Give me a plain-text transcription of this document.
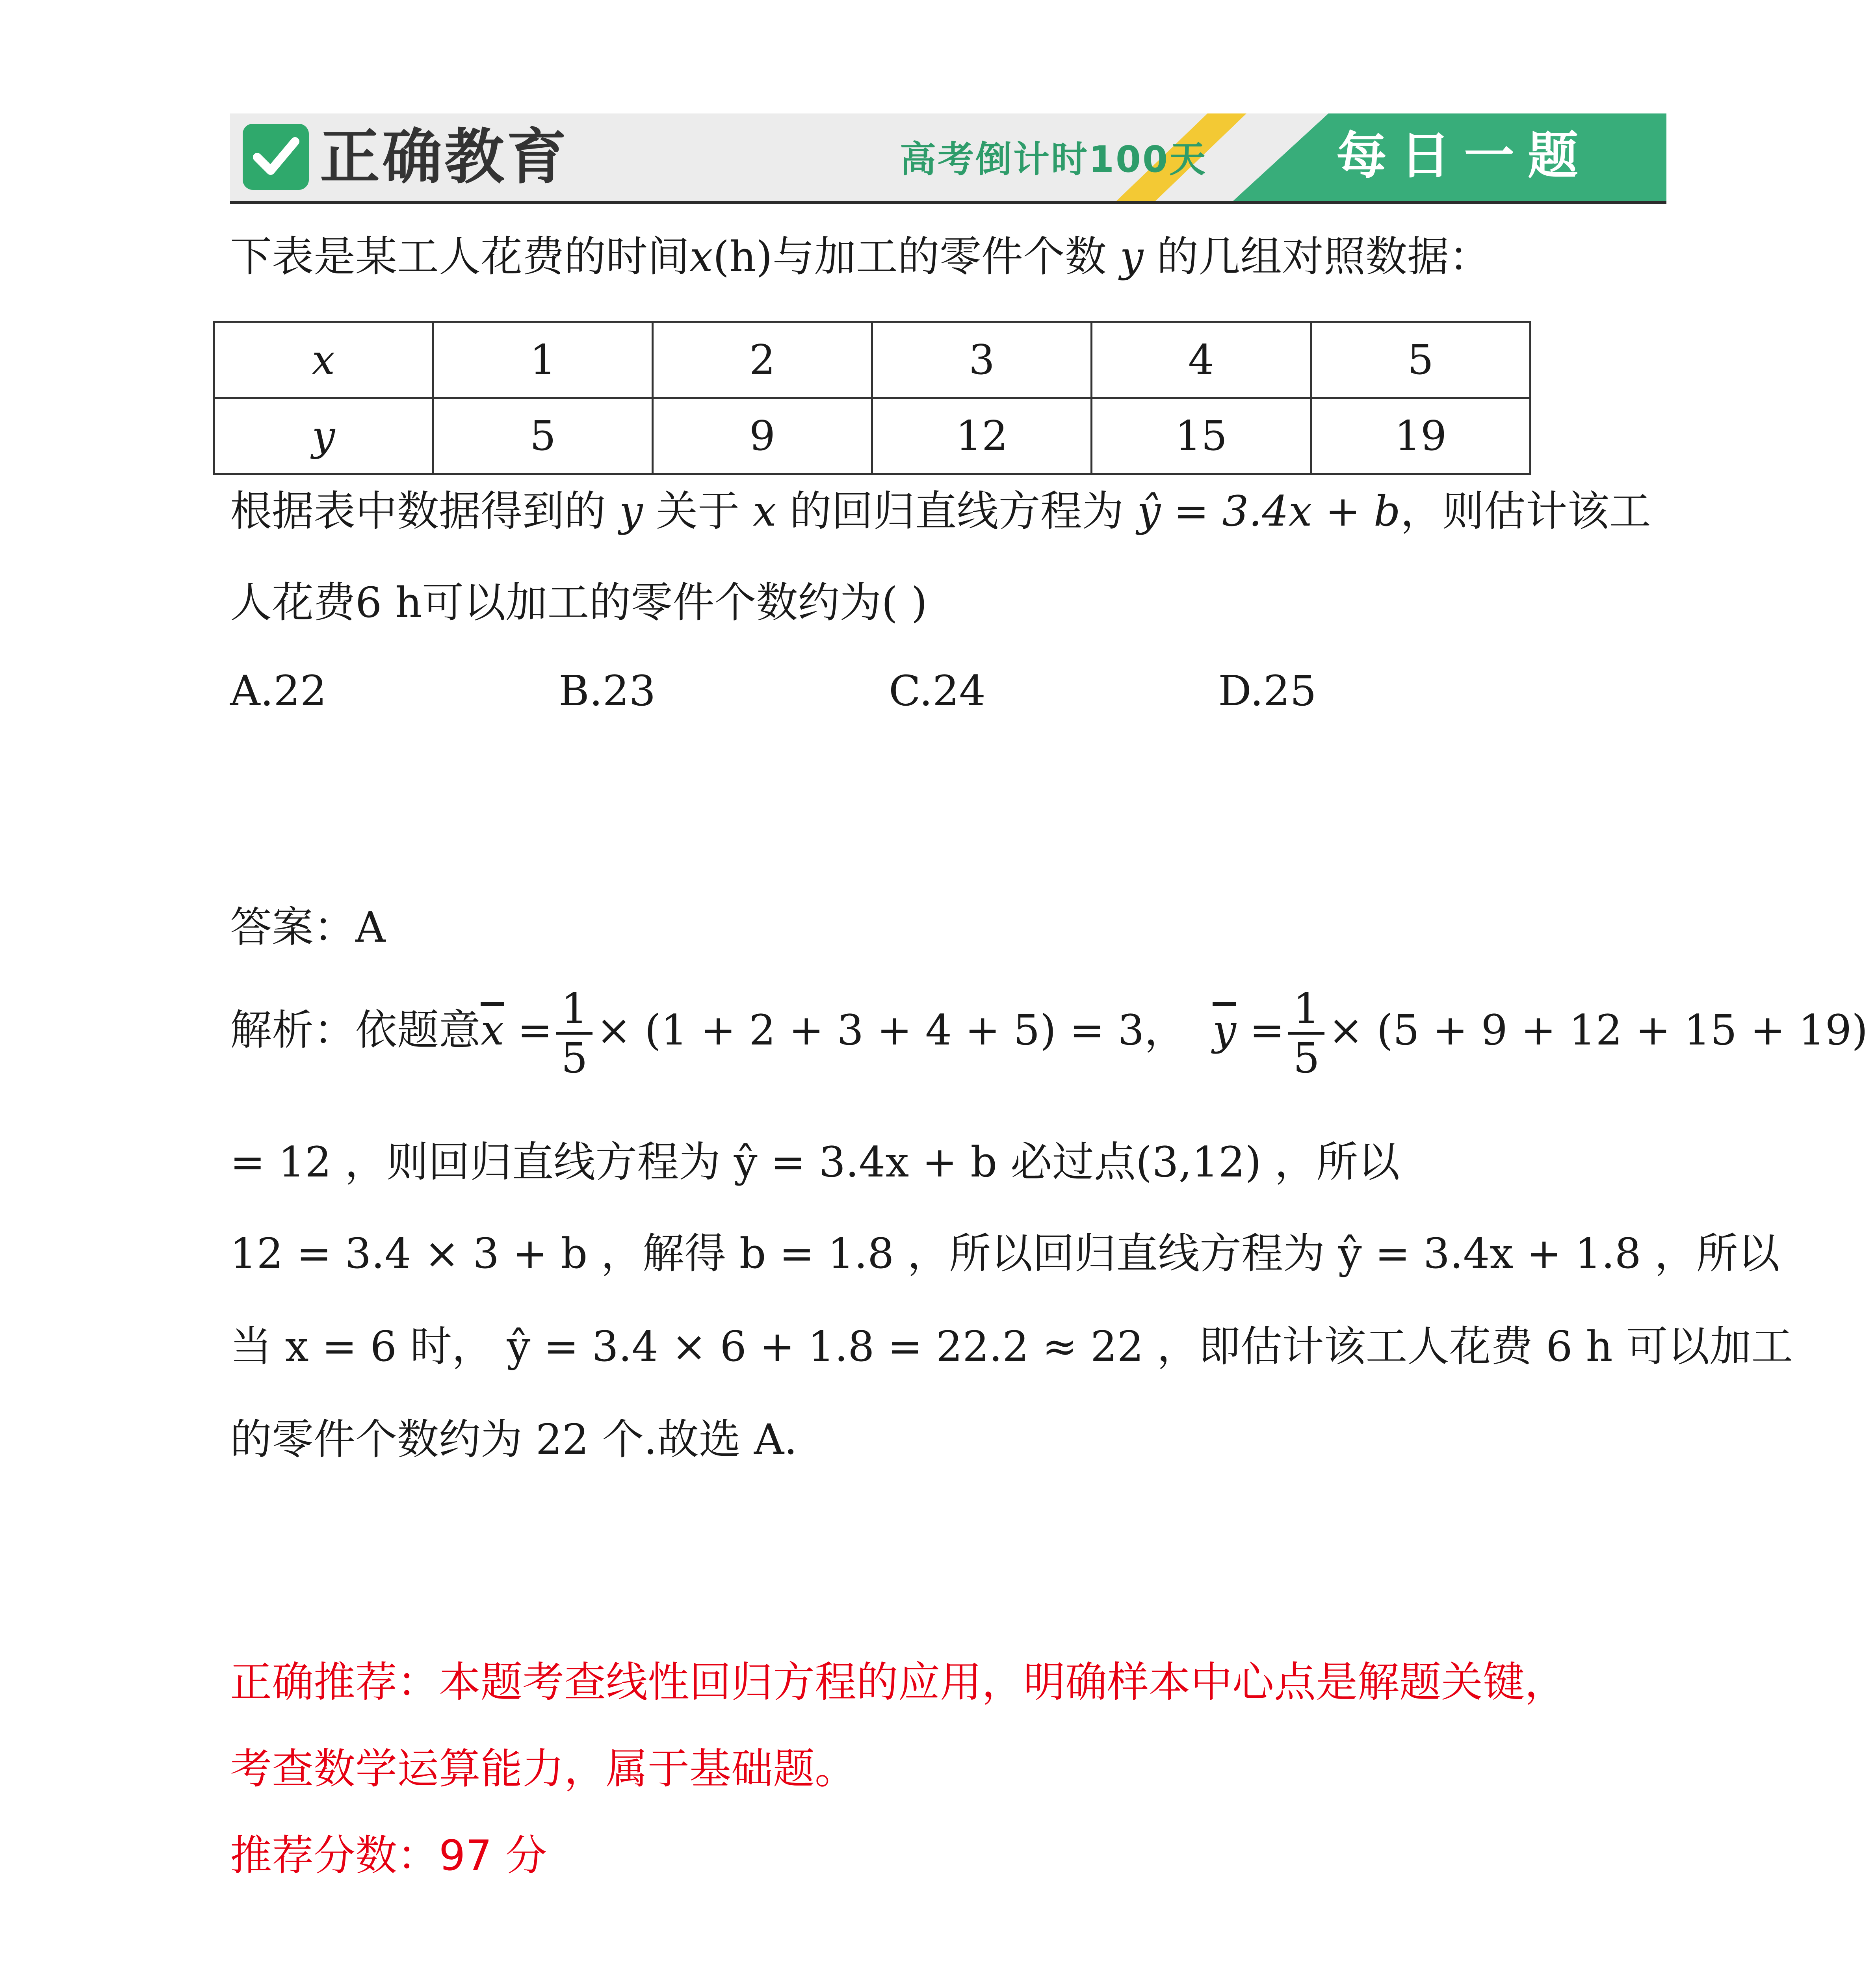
正确教育	高考倒计时100天	每日一题
下表是某工人花费的时间x(h)与加工的零件个数 y 的几组对照数据：
x	1	2	3	4	5
y	5	9	12	15	19
根据表中数据得到的 y 关于 x 的回归直线方程为 ŷ = 3.4x + b，则估计该工
人花费6 h可以加工的零件个数约为( )
A.22	B.23	C.24	D.25
答案：A
解析：依题意$\overline{x} = \frac{1}{5} \times (1 + 2 + 3 + 4 + 5) = 3$， $\overline{y} = \frac{1}{5} \times (5 + 9 + 12 + 15 + 19)$
= 12 ，则回归直线方程为 ŷ = 3.4x + b 必过点(3,12) ，所以
12 = 3.4 × 3 + b ，解得 b = 1.8 ，所以回归直线方程为 ŷ = 3.4x + 1.8 ，所以
当 x = 6 时， ŷ = 3.4 × 6 + 1.8 = 22.2 ≈ 22 ，即估计该工人花费 6 h 可以加工
的零件个数约为 22 个.故选 A.
正确推荐：本题考查线性回归方程的应用，明确样本中心点是解题关键，
考查数学运算能力，属于基础题。
推荐分数：97 分
